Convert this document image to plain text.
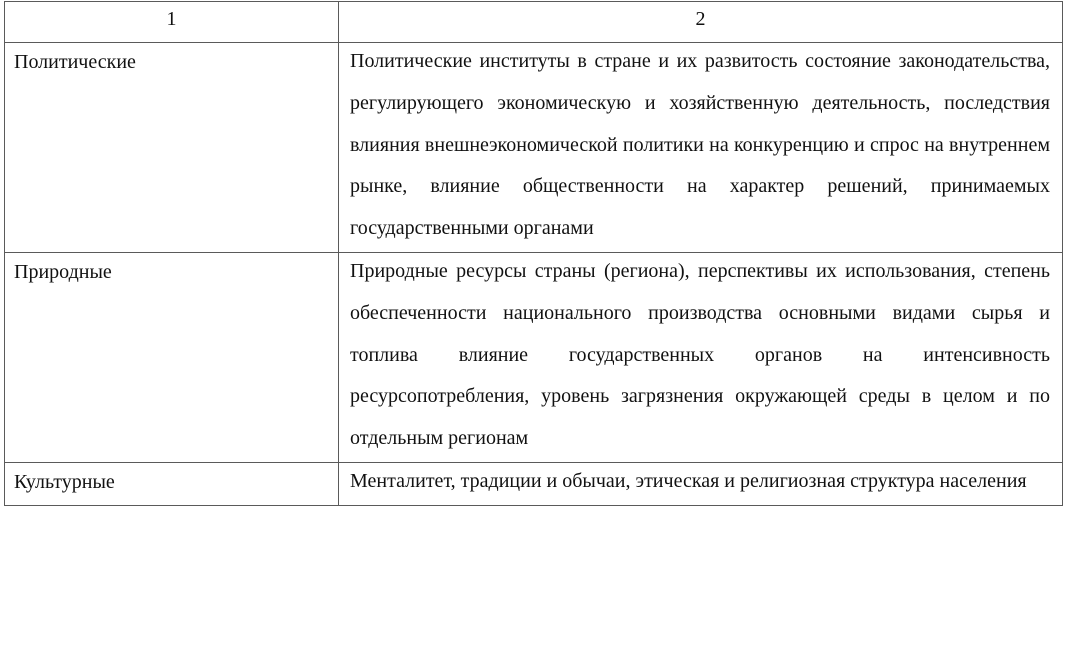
1	2
Политические	Политические институты в стране и их развитость состояние законодательства, регулирующего экономическую и хозяйственную деятельность, последствия влияния внешнеэкономической политики на конкуренцию и спрос на внутреннем рынке, влияние общественности на характер решений, принимаемых государственными органами

Природные	Природные ресурсы страны (региона), перспективы их использования, степень обеспеченности национального производства основными видами сырья и топлива влияние государственных органов на интенсивность ресурсопотребления, уровень загрязнения окружающей среды в целом и по отдельным регионам

Культурные	Менталитет, традиции и обычаи, этическая и религиозная структура населения
